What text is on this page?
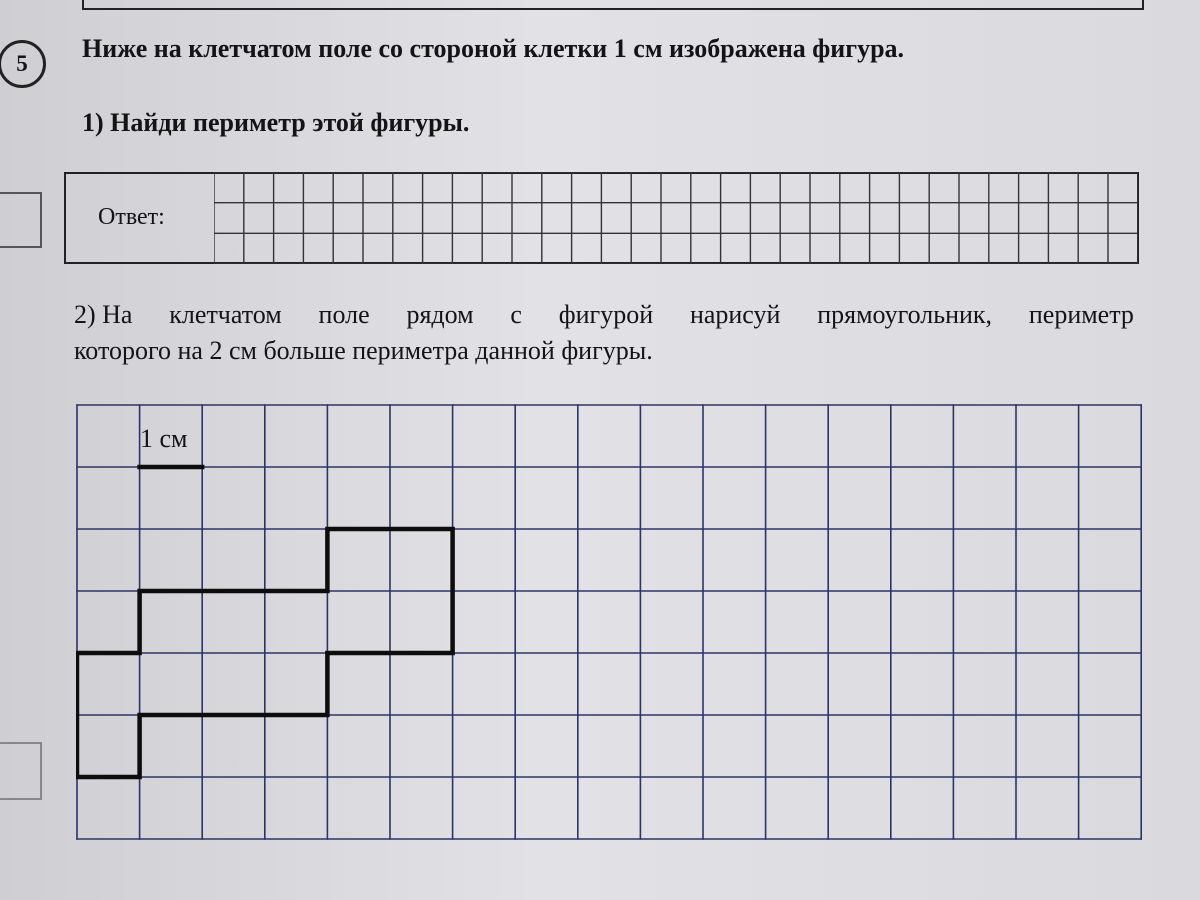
5
Ниже на клетчатом поле со стороной клетки 1 см изображена фигура.
1) Найди периметр этой фигуры.
Ответ:
2) На клетчатом поле рядом с фигурой нарисуй прямоугольник, периметр
которого на 2 см больше периметра данной фигуры.
1 см
